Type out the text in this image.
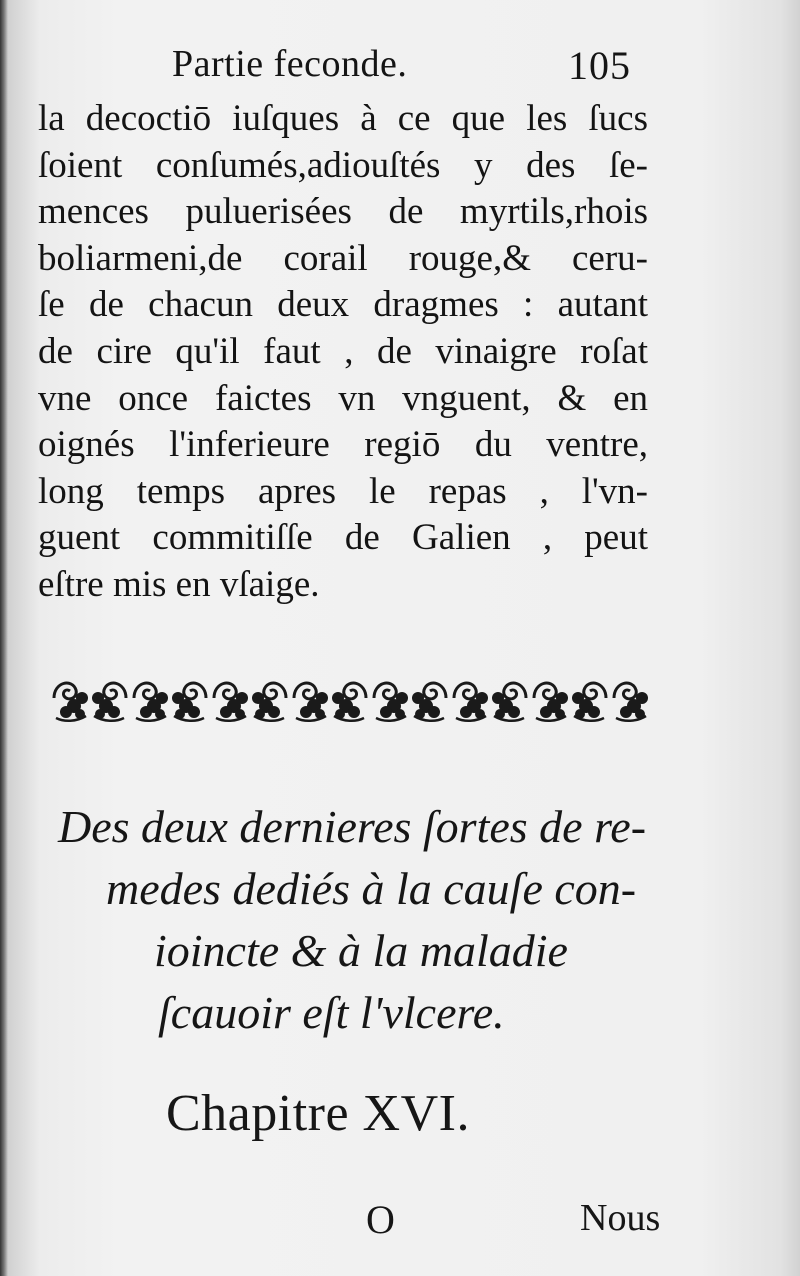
Partie feconde.	105
la decoctiō iuſques à ce que les ſucs
ſoient conſumés,adiouſtés y des ſe-
mences puluerisées de myrtils,rhois
boliarmeni,de corail rouge,& ceru-
ſe de chacun deux dragmes : autant
de cire qu'il faut , de vinaigre roſat
vne once faictes vn vnguent, & en
oignés l'inferieure regiō du ventre,
long temps apres le repas , l'vn-
guent commitiſſe de Galien , peut
eſtre mis en vſaige.
Des deux dernieres ſortes de re-
medes dediés à la cauſe con-
ioincte & à la maladie
ſcauoir eſt l'vlcere.
Chapitre XVI.
O	Nous
